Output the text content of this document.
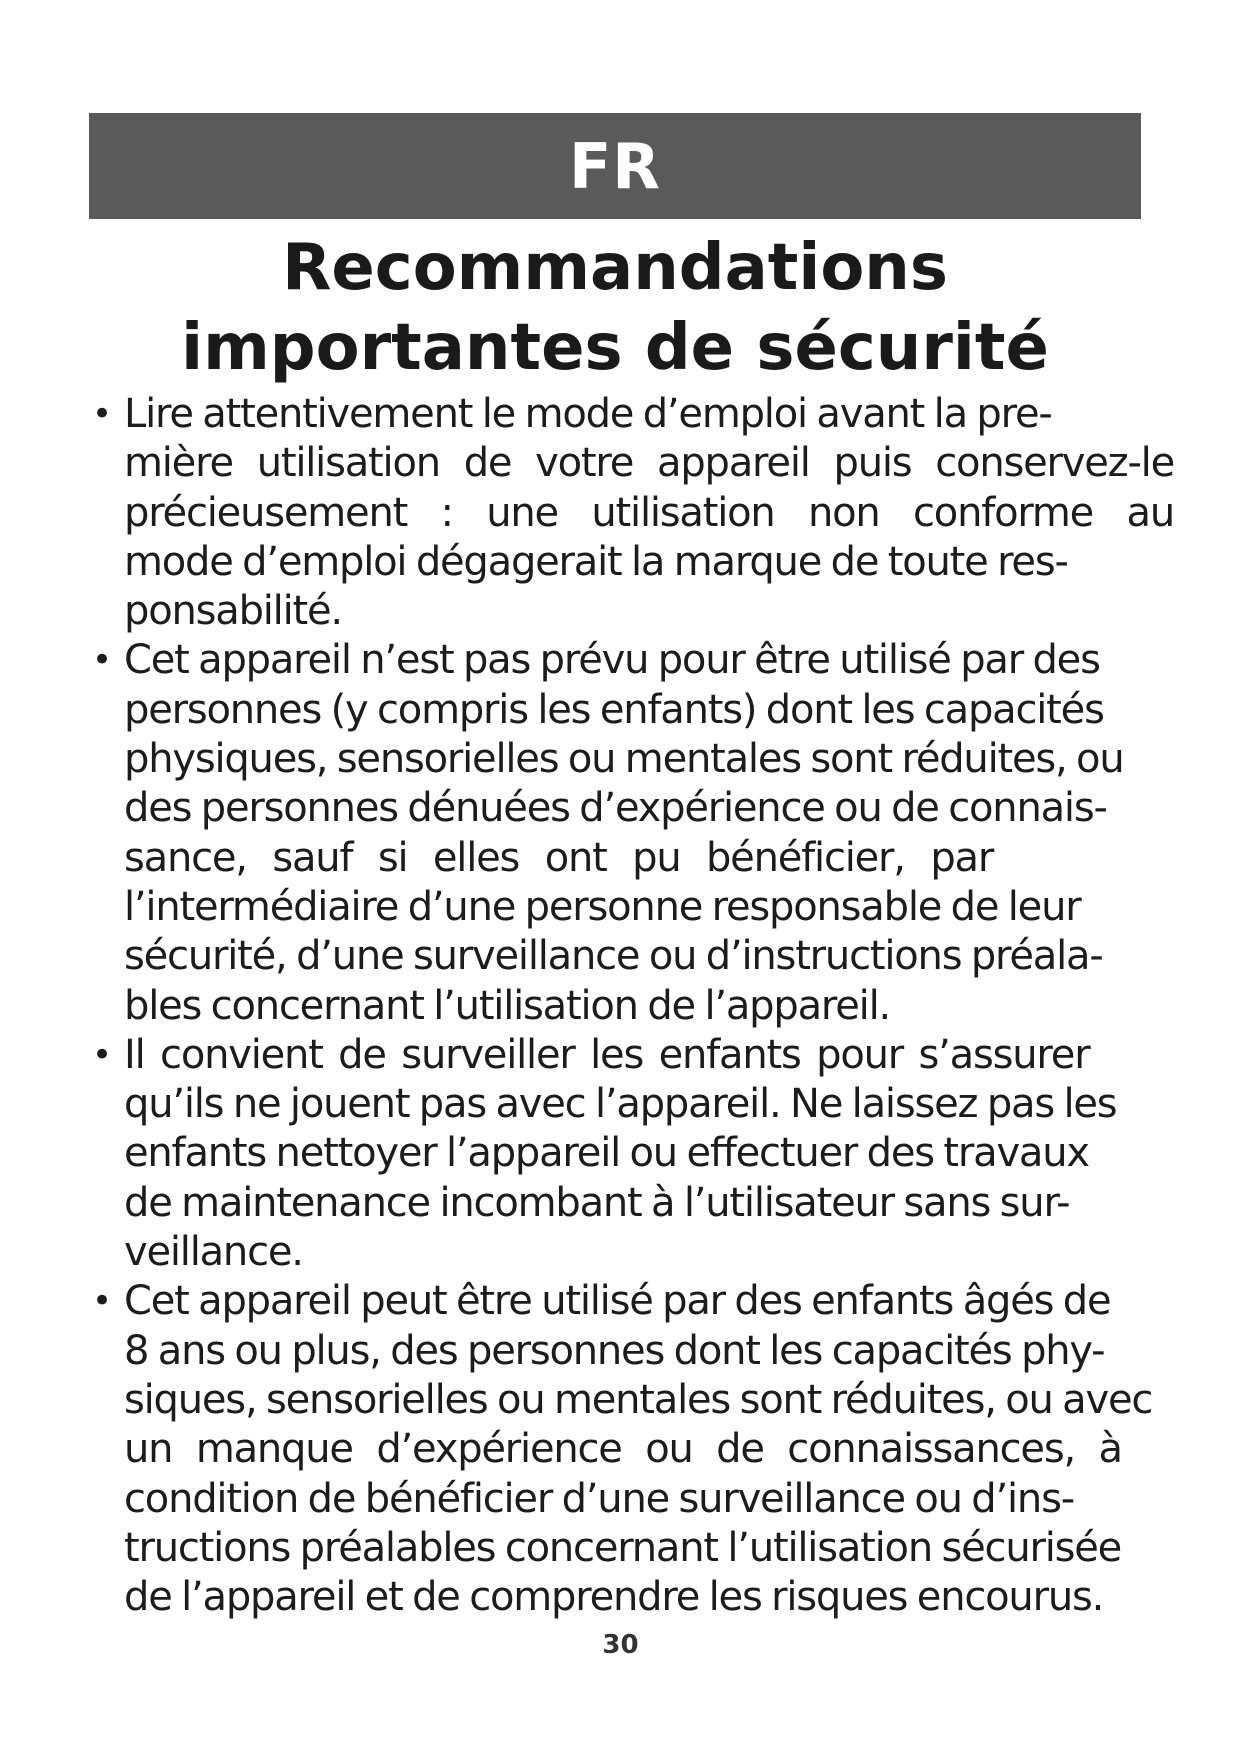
FR
Recommandations
importantes de sécurité
• Lire attentivement le mode d’emploi avant la pre-
mière utilisation de votre appareil puis conservez-le
précieusement : une utilisation non conforme au
mode d’emploi dégagerait la marque de toute res-
ponsabilité.
• Cet appareil n’est pas prévu pour être utilisé par des
personnes (y compris les enfants) dont les capacités
physiques, sensorielles ou mentales sont réduites, ou
des personnes dénuées d’expérience ou de connais-
sance, sauf si elles ont pu bénéficier, par
l’intermédiaire d’une personne responsable de leur
sécurité, d’une surveillance ou d’instructions préala-
bles concernant l’utilisation de l’appareil.
• Il convient de surveiller les enfants pour s’assurer
qu’ils ne jouent pas avec l’appareil. Ne laissez pas les
enfants nettoyer l’appareil ou effectuer des travaux
de maintenance incombant à l’utilisateur sans sur-
veillance.
• Cet appareil peut être utilisé par des enfants âgés de
8 ans ou plus, des personnes dont les capacités phy-
siques, sensorielles ou mentales sont réduites, ou avec
un manque d’expérience ou de connaissances, à
condition de bénéficier d’une surveillance ou d’ins-
tructions préalables concernant l’utilisation sécurisée
de l’appareil et de comprendre les risques encourus.
30
